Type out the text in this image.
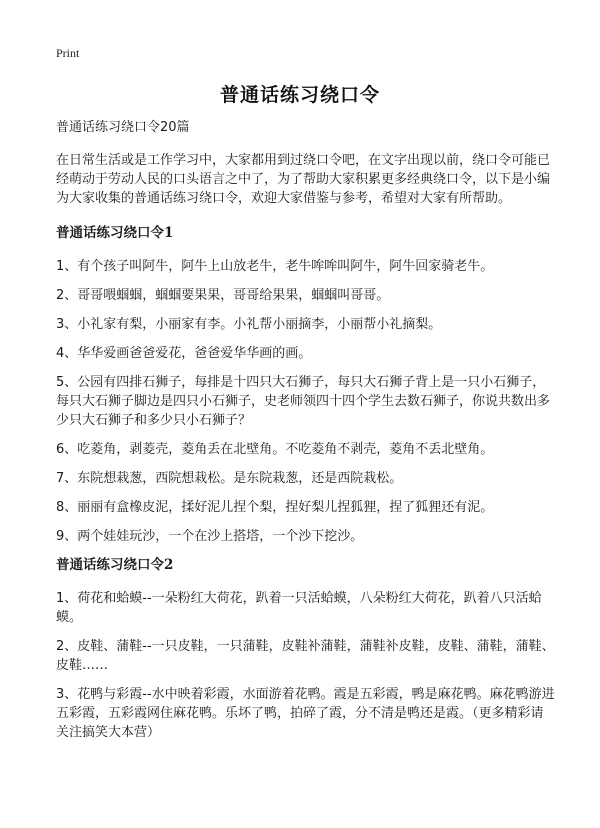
Print
普通话练习绕口令

普通话练习绕口令20篇

在日常生活或是工作学习中，大家都用到过绕口令吧，在文字出现以前，绕口令可能已经萌动于劳动人民的口头语言之中了，为了帮助大家积累更多经典绕口令，以下是小编为大家收集的普通话练习绕口令，欢迎大家借鉴与参考，希望对大家有所帮助。

普通话练习绕口令1

1、有个孩子叫阿牛，阿牛上山放老牛，老牛哞哞叫阿牛，阿牛回家骑老牛。

2、哥哥喂蝈蝈，蝈蝈要果果，哥哥给果果，蝈蝈叫哥哥。

3、小礼家有梨，小丽家有李。小礼帮小丽摘李，小丽帮小礼摘梨。

4、华华爱画爸爸爱花，爸爸爱华华画的画。

5、公园有四排石狮子，每排是十四只大石狮子，每只大石狮子背上是一只小石狮子，每只大石狮子脚边是四只小石狮子，史老师领四十四个学生去数石狮子，你说共数出多少只大石狮子和多少只小石狮子？

6、吃菱角，剥菱壳，菱角丢在北壁角。不吃菱角不剥壳，菱角不丢北壁角。

7、东院想栽葱，西院想栽松。是东院栽葱，还是西院栽松。

8、丽丽有盒橡皮泥，揉好泥儿捏个梨，捏好梨儿捏狐狸，捏了狐狸还有泥。

9、两个娃娃玩沙，一个在沙上搭塔，一个沙下挖沙。

普通话练习绕口令2

1、荷花和蛤蟆--一朵粉红大荷花，趴着一只活蛤蟆，八朵粉红大荷花，趴着八只活蛤蟆。

2、皮鞋、蒲鞋--一只皮鞋，一只蒲鞋，皮鞋补蒲鞋，蒲鞋补皮鞋，皮鞋、蒲鞋，蒲鞋、皮鞋……

3、花鸭与彩霞--水中映着彩霞，水面游着花鸭。霞是五彩霞，鸭是麻花鸭。麻花鸭游进五彩霞，五彩霞网住麻花鸭。乐坏了鸭，拍碎了霞，分不清是鸭还是霞。（更多精彩请关注搞笑大本营）
